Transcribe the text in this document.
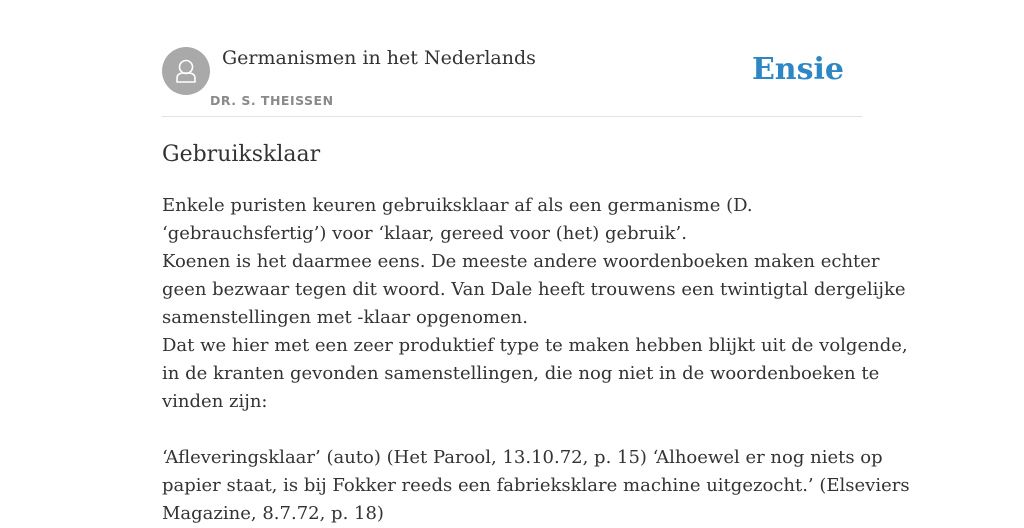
Germanismen in het Nederlands
DR. S. THEISSEN
Ensie
Gebruiksklaar
Enkele puristen keuren gebruiksklaar af als een germanisme (D.
‘gebrauchsfertig’) voor ‘klaar, gereed voor (het) gebruik’.
Koenen is het daarmee eens. De meeste andere woordenboeken maken echter
geen bezwaar tegen dit woord. Van Dale heeft trouwens een twintigtal dergelijke
samenstellingen met -klaar opgenomen.
Dat we hier met een zeer produktief type te maken hebben blijkt uit de volgende,
in de kranten gevonden samenstellingen, die nog niet in de woordenboeken te
vinden zijn:
‘Afleveringsklaar’ (auto) (Het Parool, 13.10.72, p. 15) ‘Alhoewel er nog niets op
papier staat, is bij Fokker reeds een fabrieksklare machine uitgezocht.’ (Elseviers
Magazine, 8.7.72, p. 18)
